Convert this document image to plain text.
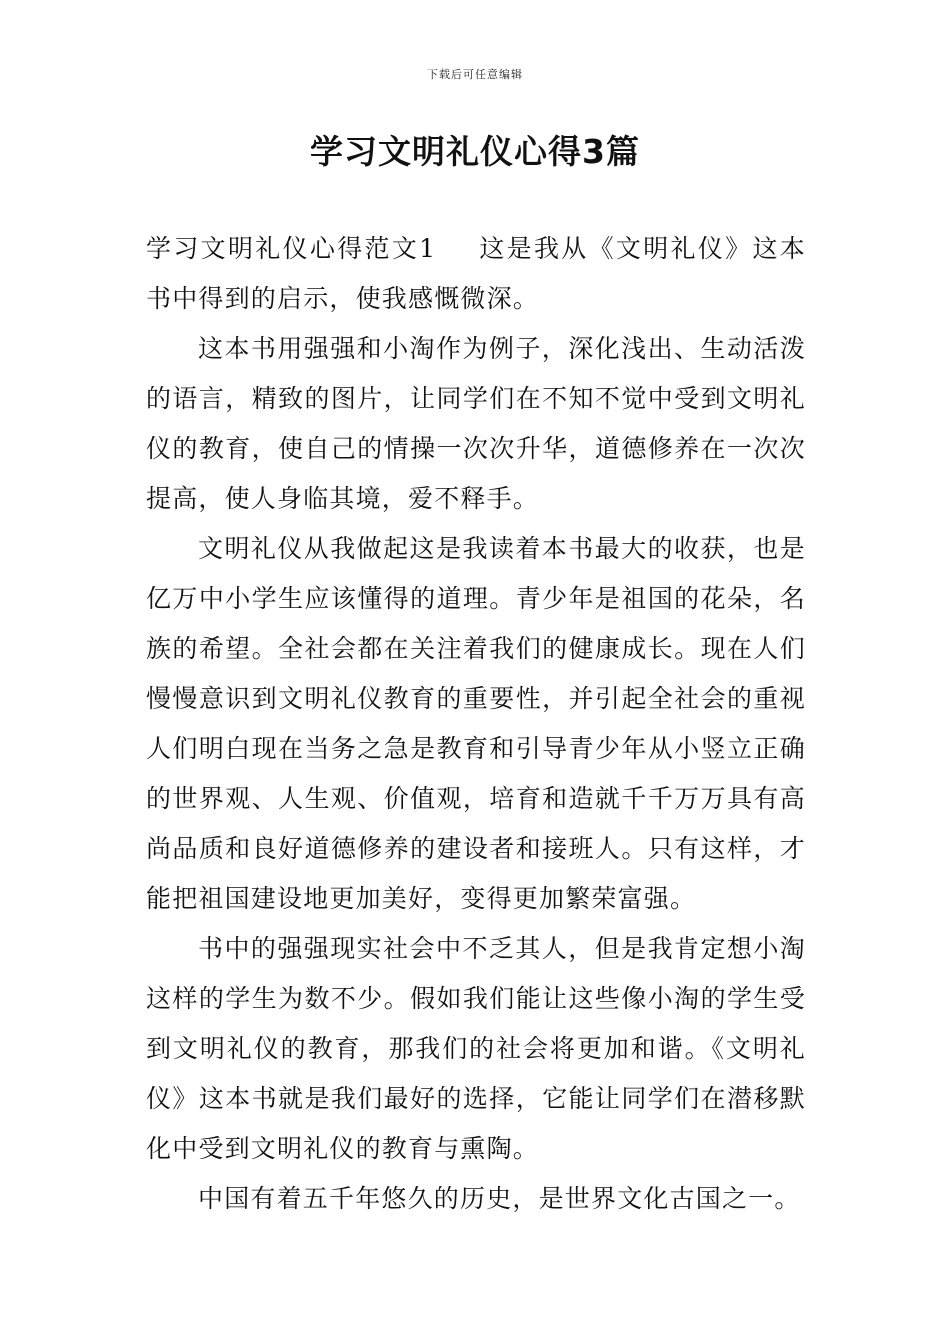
下载后可任意编辑
学习文明礼仪心得3篇

学习文明礼仪心得范文1 这是我从《文明礼仪》这本书中得到的启示，使我感慨微深。

这本书用强强和小淘作为例子，深化浅出、生动活泼的语言，精致的图片，让同学们在不知不觉中受到文明礼仪的教育，使自己的情操一次次升华，道德修养在一次次提高，使人身临其境，爱不释手。

文明礼仪从我做起这是我读着本书最大的收获，也是亿万中小学生应该懂得的道理。青少年是祖国的花朵，名族的希望。全社会都在关注着我们的健康成长。现在人们慢慢意识到文明礼仪教育的重要性，并引起全社会的重视人们明白现在当务之急是教育和引导青少年从小竖立正确的世界观、人生观、价值观，培育和造就千千万万具有高尚品质和良好道德修养的建设者和接班人。只有这样，才能把祖国建设地更加美好，变得更加繁荣富强。

书中的强强现实社会中不乏其人，但是我肯定想小淘这样的学生为数不少。假如我们能让这些像小淘的学生受到文明礼仪的教育，那我们的社会将更加和谐。《文明礼仪》这本书就是我们最好的选择，它能让同学们在潜移默化中受到文明礼仪的教育与熏陶。

中国有着五千年悠久的历史，是世界文化古国之一。
